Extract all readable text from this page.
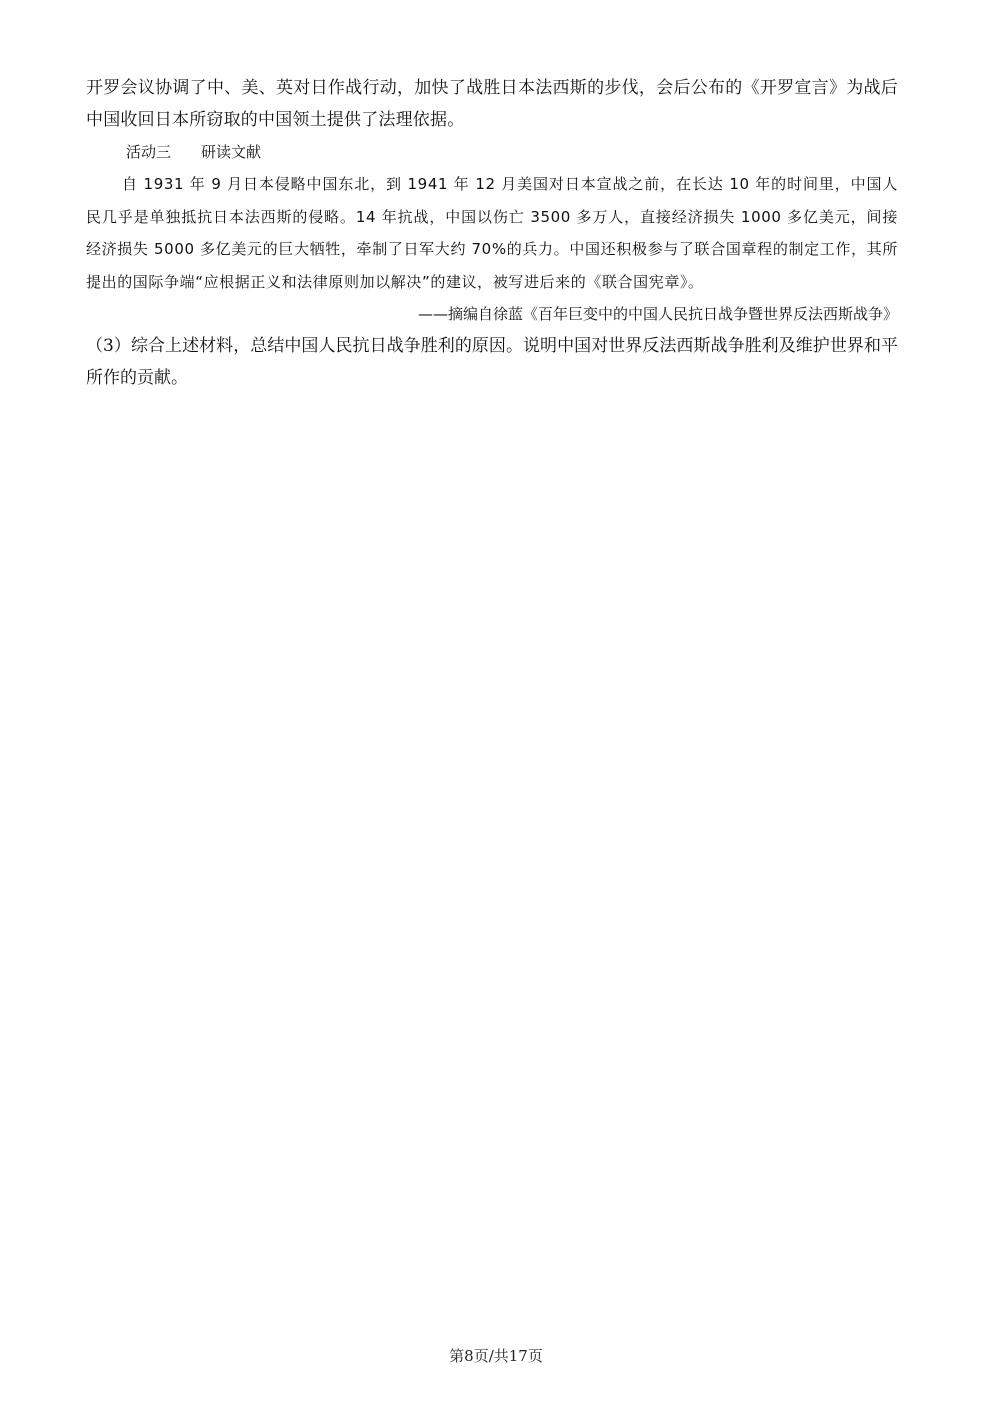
开罗会议协调了中、美、英对日作战行动，加快了战胜日本法西斯的步伐，会后公布的《开罗宣言》为战后中国收回日本所窃取的中国领土提供了法理依据。

活动三 研读文献

自 1931 年 9 月日本侵略中国东北，到 1941 年 12 月美国对日本宣战之前，在长达 10 年的时间里，中国人民几乎是单独抵抗日本法西斯的侵略。14 年抗战，中国以伤亡 3500 多万人，直接经济损失 1000 多亿美元，间接经济损失 5000 多亿美元的巨大牺牲，牵制了日军大约 70%的兵力。中国还积极参与了联合国章程的制定工作，其所提出的国际争端“应根据正义和法律原则加以解决”的建议，被写进后来的《联合国宪章》。

——摘编自徐蓝《百年巨变中的中国人民抗日战争暨世界反法西斯战争》

（3）综合上述材料，总结中国人民抗日战争胜利的原因。说明中国对世界反法西斯战争胜利及维护世界和平所作的贡献。

第8页/共17页
